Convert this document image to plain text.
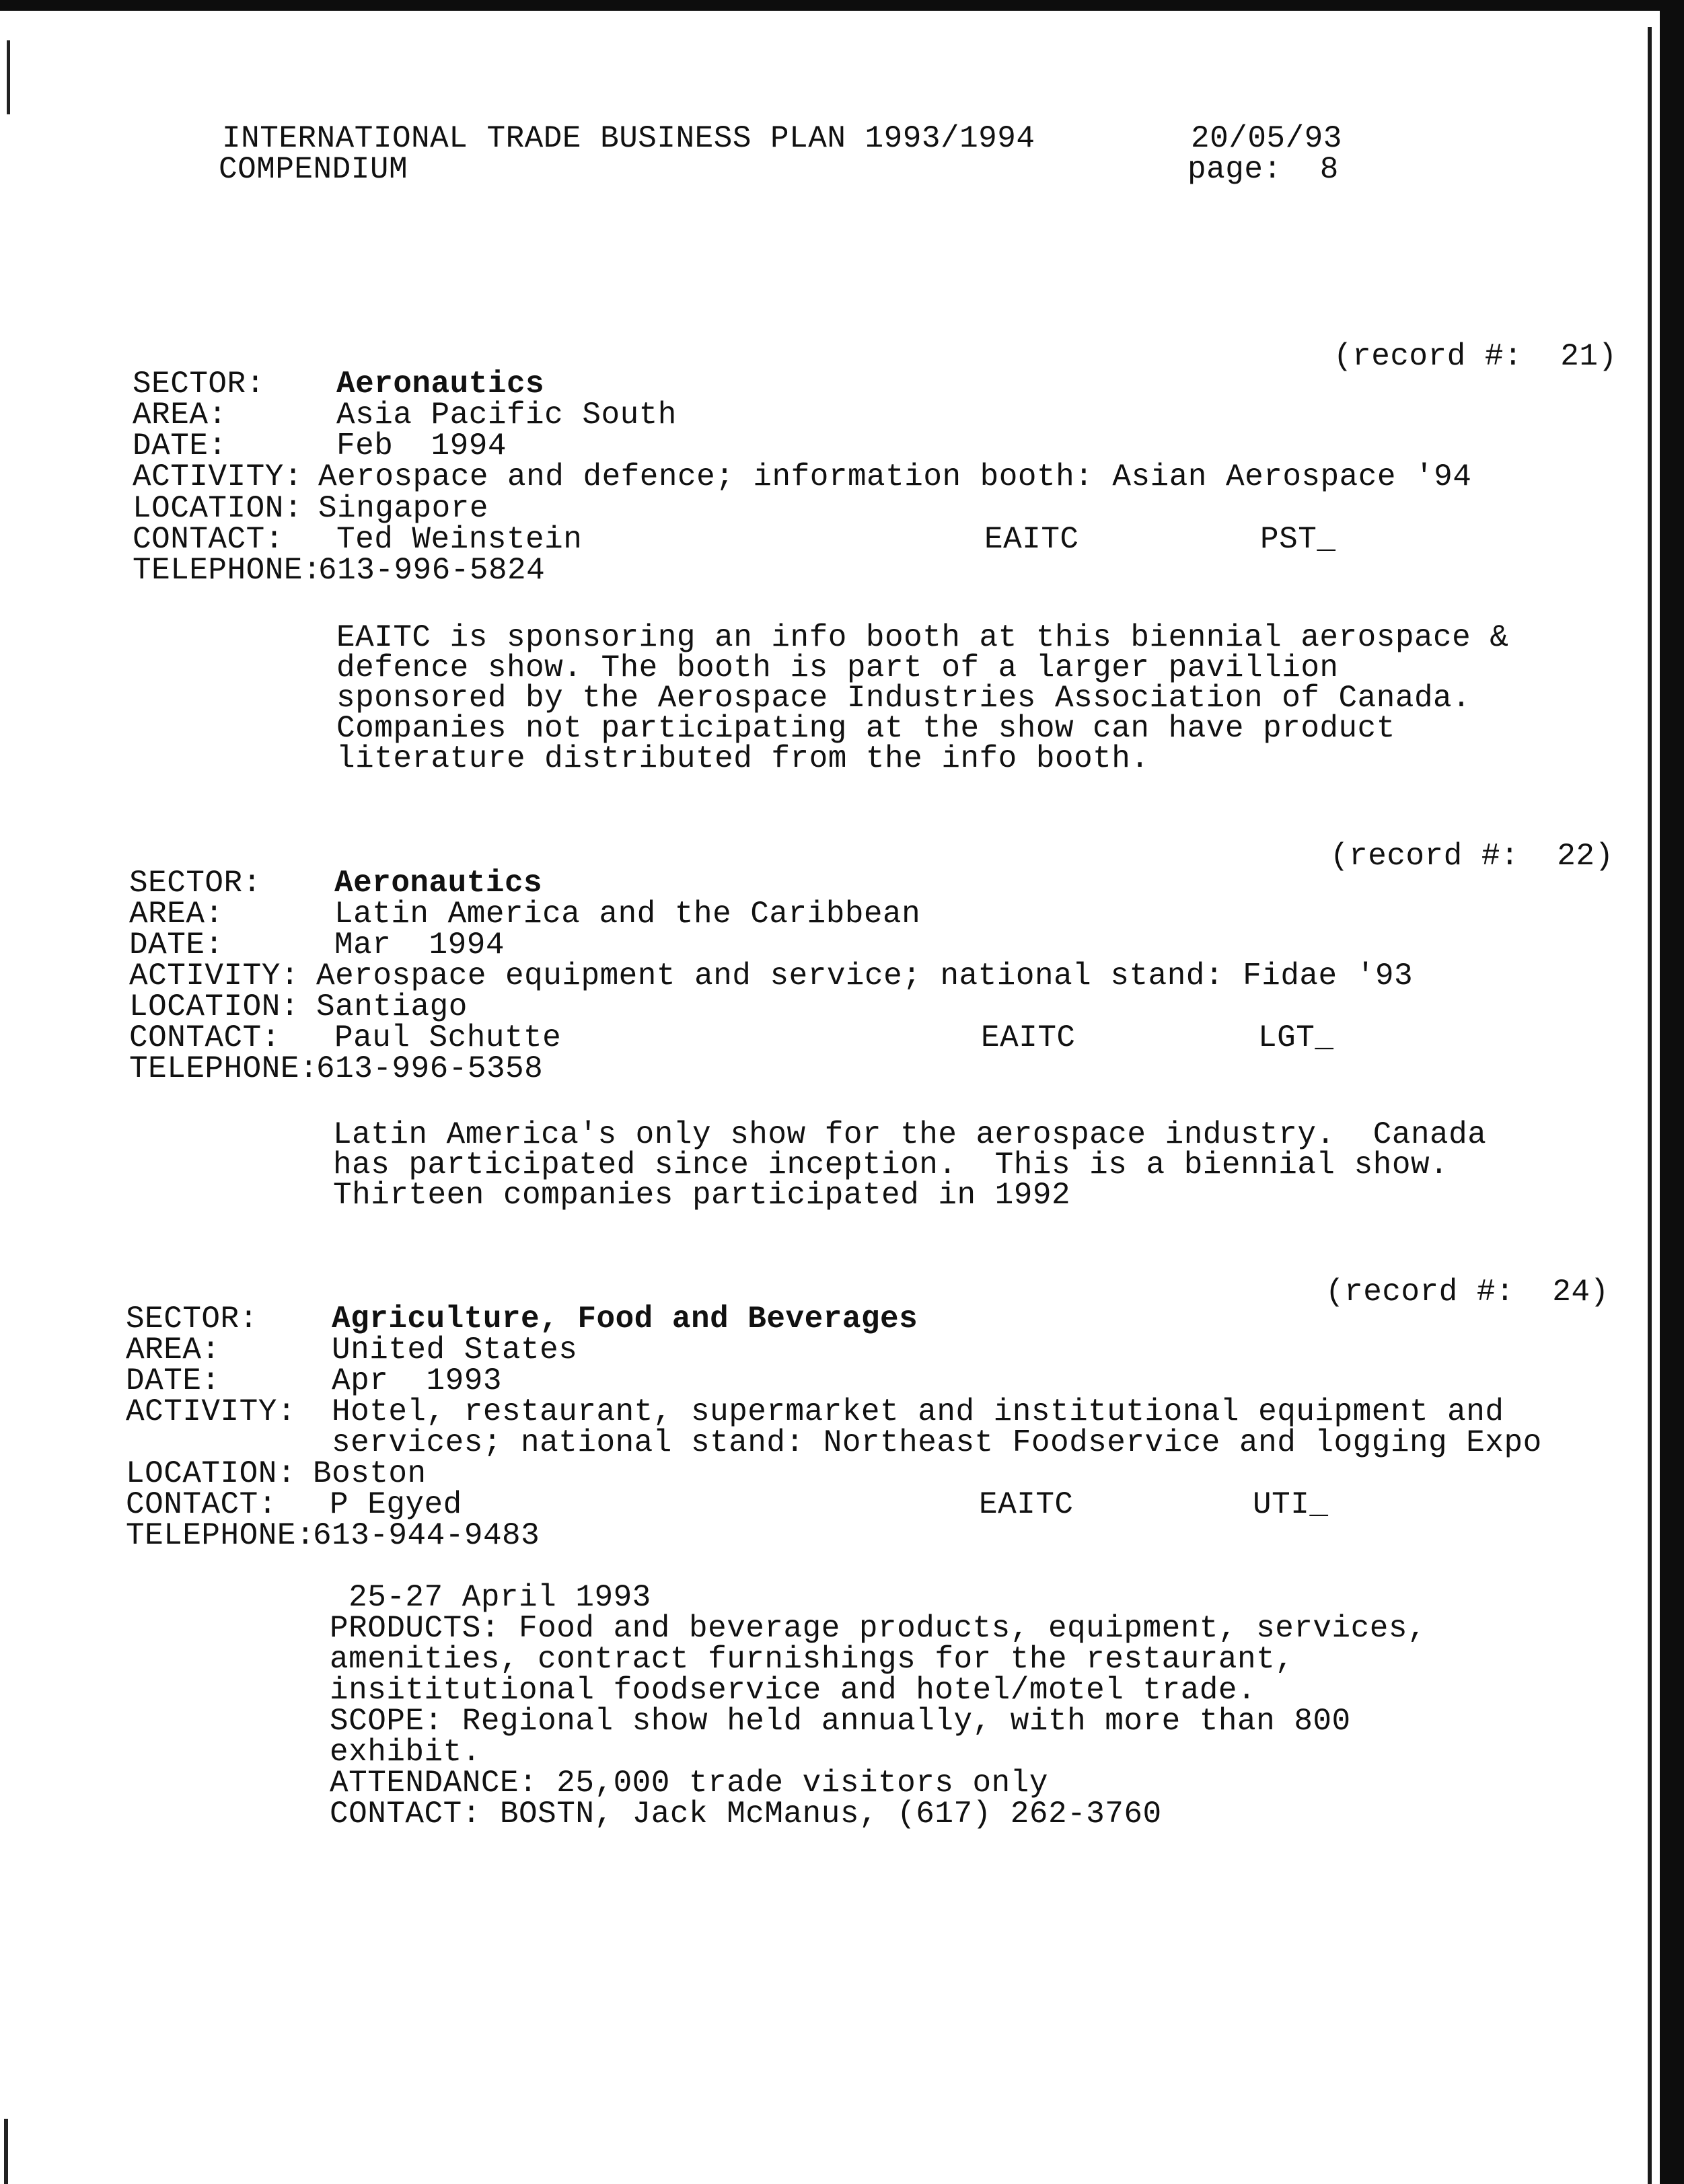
INTERNATIONAL TRADE BUSINESS PLAN 1993/1994	20/05/93
COMPENDIUM	page:  8
(record #:  21)
SECTOR: Aeronautics
AREA:	Asia Pacific South
DATE:	Feb  1994
ACTIVITY: Aerospace and defence; information booth: Asian Aerospace '94
LOCATION: Singapore
CONTACT: Ted Weinstein	EAITC	PST_
TELEPHONE:
613-996-5824
EAITC is sponsoring an info booth at this biennial aerospace &
defence show. The booth is part of a larger pavillion
sponsored by the Aerospace Industries Association of Canada.
Companies not participating at the show can have product
literature distributed from the info booth.
(record #:  22)
SECTOR: Aeronautics
AREA:	Latin America and the Caribbean
DATE:	Mar  1994
ACTIVITY: Aerospace equipment and service; national stand: Fidae '93
LOCATION: Santiago
CONTACT: Paul Schutte	EAITC	LGT_
TELEPHONE:
613-996-5358
Latin America's only show for the aerospace industry.  Canada
has participated since inception.  This is a biennial show.
Thirteen companies participated in 1992
(record #:  24)
SECTOR: Agriculture, Food and Beverages
AREA:	United States
DATE:	Apr  1993
ACTIVITY: Hotel, restaurant, supermarket and institutional equipment and
services; national stand: Northeast Foodservice and logging Expo
LOCATION: Boston
CONTACT: P Egyed	EAITC	UTI_
TELEPHONE:
613-944-9483
25-27 April 1993
PRODUCTS: Food and beverage products, equipment, services,
amenities, contract furnishings for the restaurant,
insititutional foodservice and hotel/motel trade.
SCOPE: Regional show held annually, with more than 800
exhibit.
ATTENDANCE: 25,000 trade visitors only
CONTACT: BOSTN, Jack McManus, (617) 262-3760
